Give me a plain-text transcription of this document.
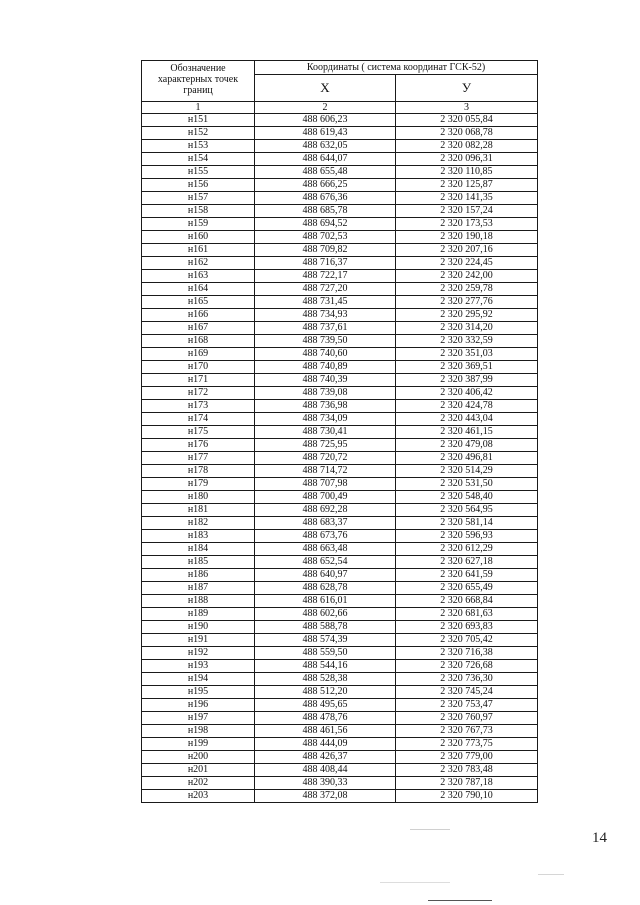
Обозначение характерных точек границ	Координаты ( система координат ГСК-52)	
	X	У
1	2	3
н151	488 606,23	2 320 055,84
н152	488 619,43	2 320 068,78
н153	488 632,05	2 320 082,28
н154	488 644,07	2 320 096,31
н155	488 655,48	2 320 110,85
н156	488 666,25	2 320 125,87
н157	488 676,36	2 320 141,35
н158	488 685,78	2 320 157,24
н159	488 694,52	2 320 173,53
н160	488 702,53	2 320 190,18
н161	488 709,82	2 320 207,16
н162	488 716,37	2 320 224,45
н163	488 722,17	2 320 242,00
н164	488 727,20	2 320 259,78
н165	488 731,45	2 320 277,76
н166	488 734,93	2 320 295,92
н167	488 737,61	2 320 314,20
н168	488 739,50	2 320 332,59
н169	488 740,60	2 320 351,03
н170	488 740,89	2 320 369,51
н171	488 740,39	2 320 387,99
н172	488 739,08	2 320 406,42
н173	488 736,98	2 320 424,78
н174	488 734,09	2 320 443,04
н175	488 730,41	2 320 461,15
н176	488 725,95	2 320 479,08
н177	488 720,72	2 320 496,81
н178	488 714,72	2 320 514,29
н179	488 707,98	2 320 531,50
н180	488 700,49	2 320 548,40
н181	488 692,28	2 320 564,95
н182	488 683,37	2 320 581,14
н183	488 673,76	2 320 596,93
н184	488 663,48	2 320 612,29
н185	488 652,54	2 320 627,18
н186	488 640,97	2 320 641,59
н187	488 628,78	2 320 655,49
н188	488 616,01	2 320 668,84
н189	488 602,66	2 320 681,63
н190	488 588,78	2 320 693,83
н191	488 574,39	2 320 705,42
н192	488 559,50	2 320 716,38
н193	488 544,16	2 320 726,68
н194	488 528,38	2 320 736,30
н195	488 512,20	2 320 745,24
н196	488 495,65	2 320 753,47
н197	488 478,76	2 320 760,97
н198	488 461,56	2 320 767,73
н199	488 444,09	2 320 773,75
н200	488 426,37	2 320 779,00
н201	488 408,44	2 320 783,48
н202	488 390,33	2 320 787,18
н203	488 372,08	2 320 790,10
14
